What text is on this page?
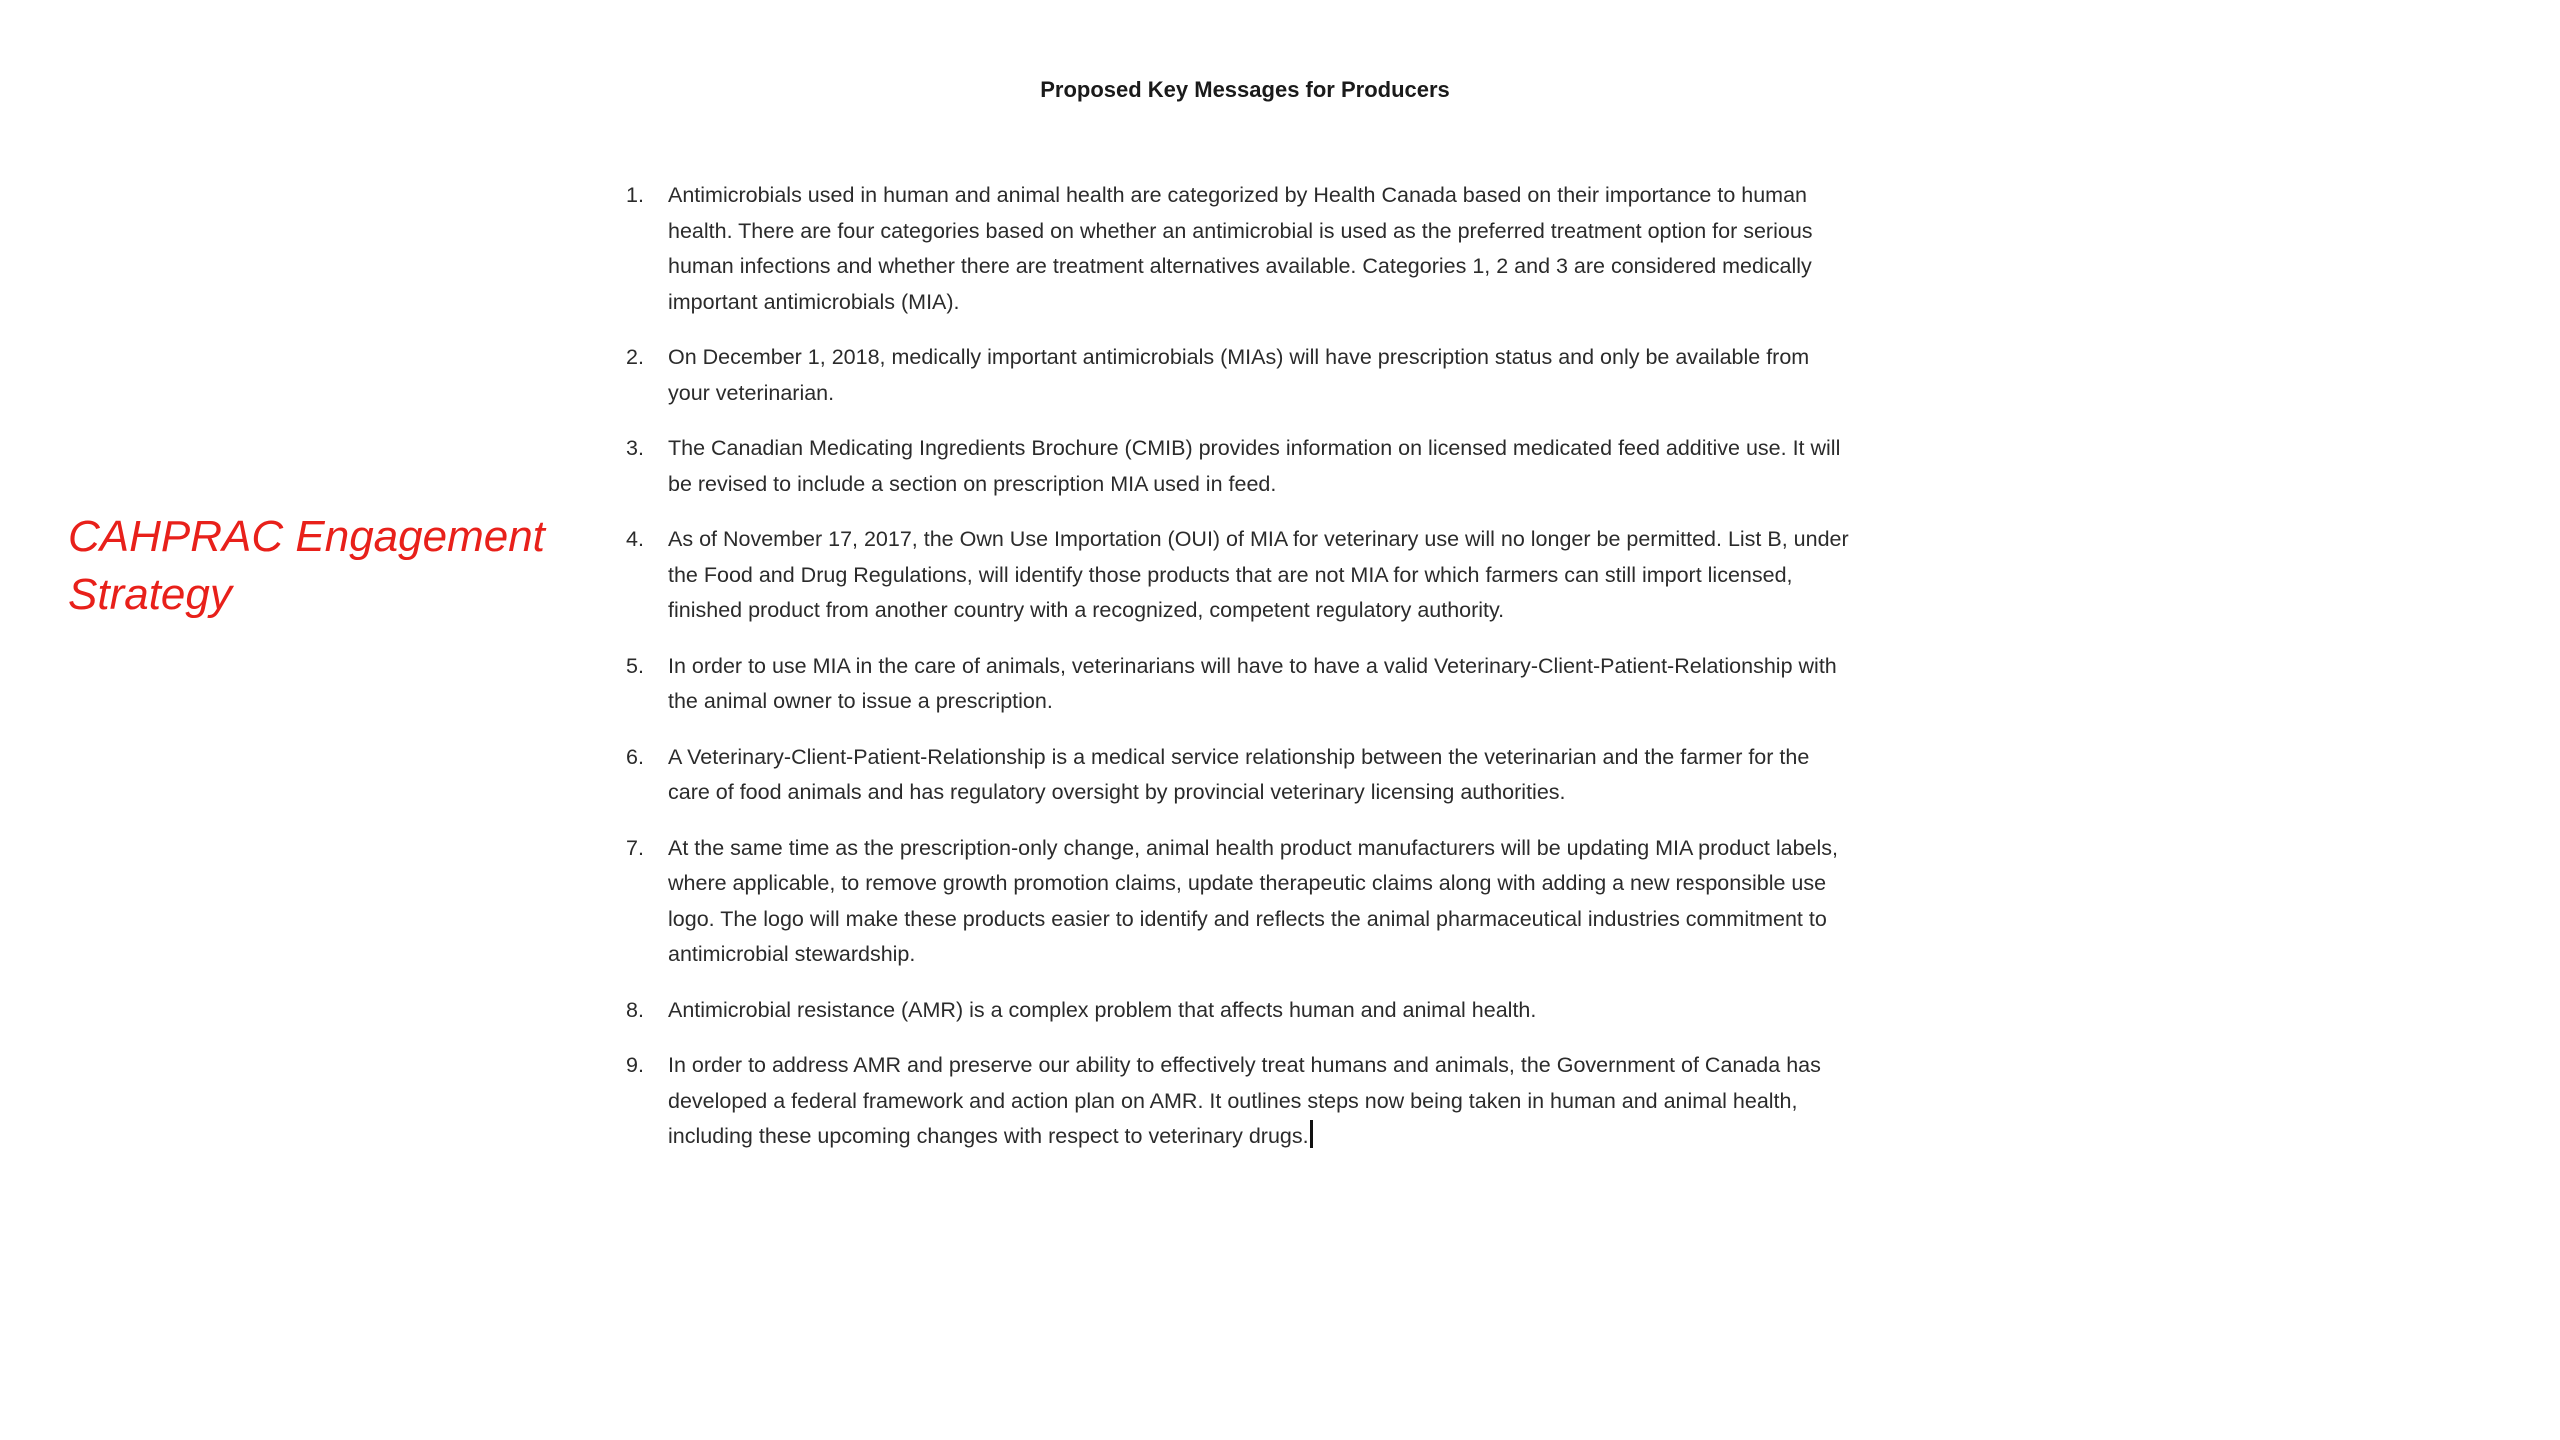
CAHPRAC Engagement Strategy
Proposed Key Messages for Producers
1.	Antimicrobials used in human and animal health are categorized by Health Canada based on their importance to human health. There are four categories based on whether an antimicrobial is used as the preferred treatment option for serious human infections and whether there are treatment alternatives available. Categories 1, 2 and 3 are considered medically important antimicrobials (MIA).
2.	On December 1, 2018, medically important antimicrobials (MIAs) will have prescription status and only be available from your veterinarian.
3.	The Canadian Medicating Ingredients Brochure (CMIB) provides information on licensed medicated feed additive use. It will be revised to include a section on prescription MIA used in feed.
4.	As of November 17, 2017, the Own Use Importation (OUI) of MIA for veterinary use will no longer be permitted. List B, under the Food and Drug Regulations, will identify those products that are not MIA for which farmers can still import licensed, finished product from another country with a recognized, competent regulatory authority.
5.	In order to use MIA in the care of animals, veterinarians will have to have a valid Veterinary-Client-Patient-Relationship with the animal owner to issue a prescription.
6.	A Veterinary-Client-Patient-Relationship is a medical service relationship between the veterinarian and the farmer for the care of food animals and has regulatory oversight by provincial veterinary licensing authorities.
7.	At the same time as the prescription-only change, animal health product manufacturers will be updating MIA product labels, where applicable, to remove growth promotion claims, update therapeutic claims along with adding a new responsible use logo. The logo will make these products easier to identify and reflects the animal pharmaceutical industries commitment to antimicrobial stewardship.
8.	Antimicrobial resistance (AMR) is a complex problem that affects human and animal health.
9.	In order to address AMR and preserve our ability to effectively treat humans and animals, the Government of Canada has developed a federal framework and action plan on AMR. It outlines steps now being taken in human and animal health, including these upcoming changes with respect to veterinary drugs.
